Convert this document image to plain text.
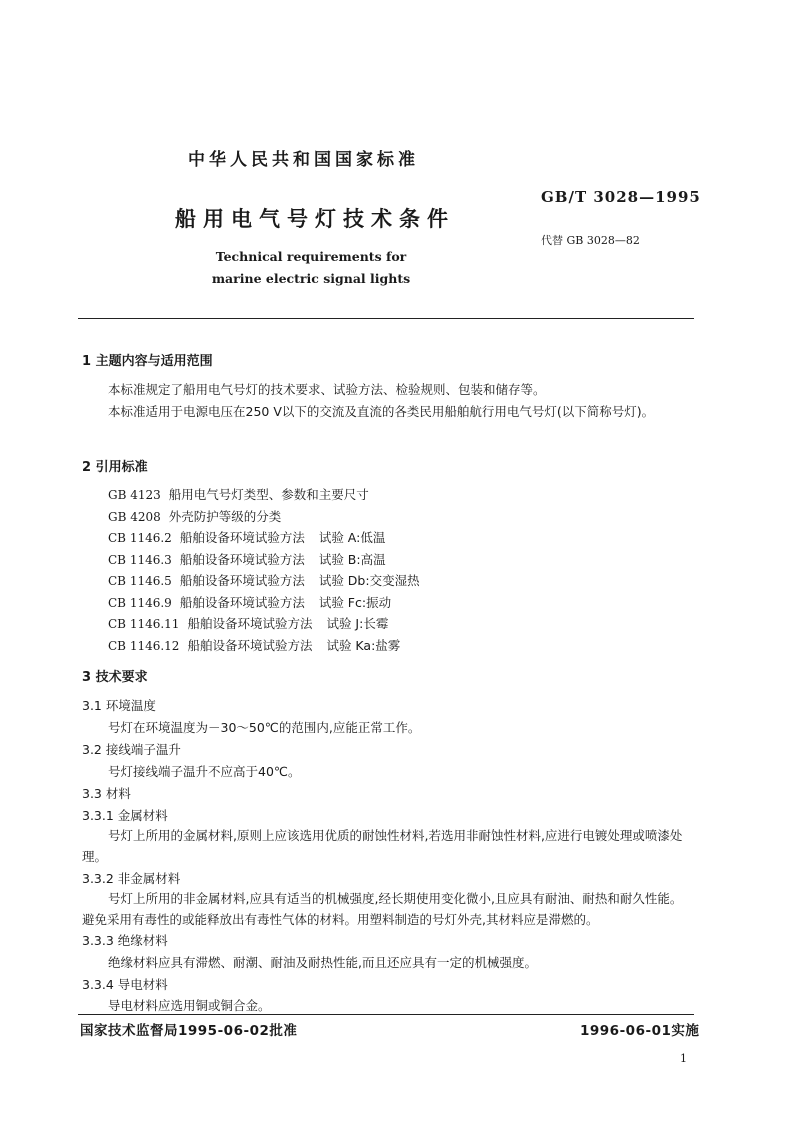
中华人民共和国国家标准
GB/T 3028—1995
船用电气号灯技术条件
代替 GB 3028—82
Technical requirements for marine electric signal lights
1 主题内容与适用范围
本标准规定了船用电气号灯的技术要求、试验方法、检验规则、包装和储存等。
本标准适用于电源电压在250 V以下的交流及直流的各类民用船舶航行用电气号灯(以下简称号灯)。
2 引用标准
GB 4123 船用电气号灯类型、参数和主要尺寸
GB 4208 外壳防护等级的分类
CB 1146.2 船舶设备环境试验方法 试验 A:低温
CB 1146.3 船舶设备环境试验方法 试验 B:高温
CB 1146.5 船舶设备环境试验方法 试验 Db:交变湿热
CB 1146.9 船舶设备环境试验方法 试验 Fc:振动
CB 1146.11 船舶设备环境试验方法 试验 J:长霉
CB 1146.12 船舶设备环境试验方法 试验 Ka:盐雾
3 技术要求
3.1 环境温度
号灯在环境温度为－30～50℃的范围内,应能正常工作。
3.2 接线端子温升
号灯接线端子温升不应高于40℃。
3.3 材料
3.3.1 金属材料
号灯上所用的金属材料,原则上应该选用优质的耐蚀性材料,若选用非耐蚀性材料,应进行电镀处理或喷漆处理。
3.3.2 非金属材料
号灯上所用的非金属材料,应具有适当的机械强度,经长期使用变化微小,且应具有耐油、耐热和耐久性能。避免采用有毒性的或能释放出有毒性气体的材料。用塑料制造的号灯外壳,其材料应是滞燃的。
3.3.3 绝缘材料
绝缘材料应具有滞燃、耐潮、耐油及耐热性能,而且还应具有一定的机械强度。
3.3.4 导电材料
导电材料应选用铜或铜合金。
国家技术监督局1995-06-02批准	1996-06-01实施
1
